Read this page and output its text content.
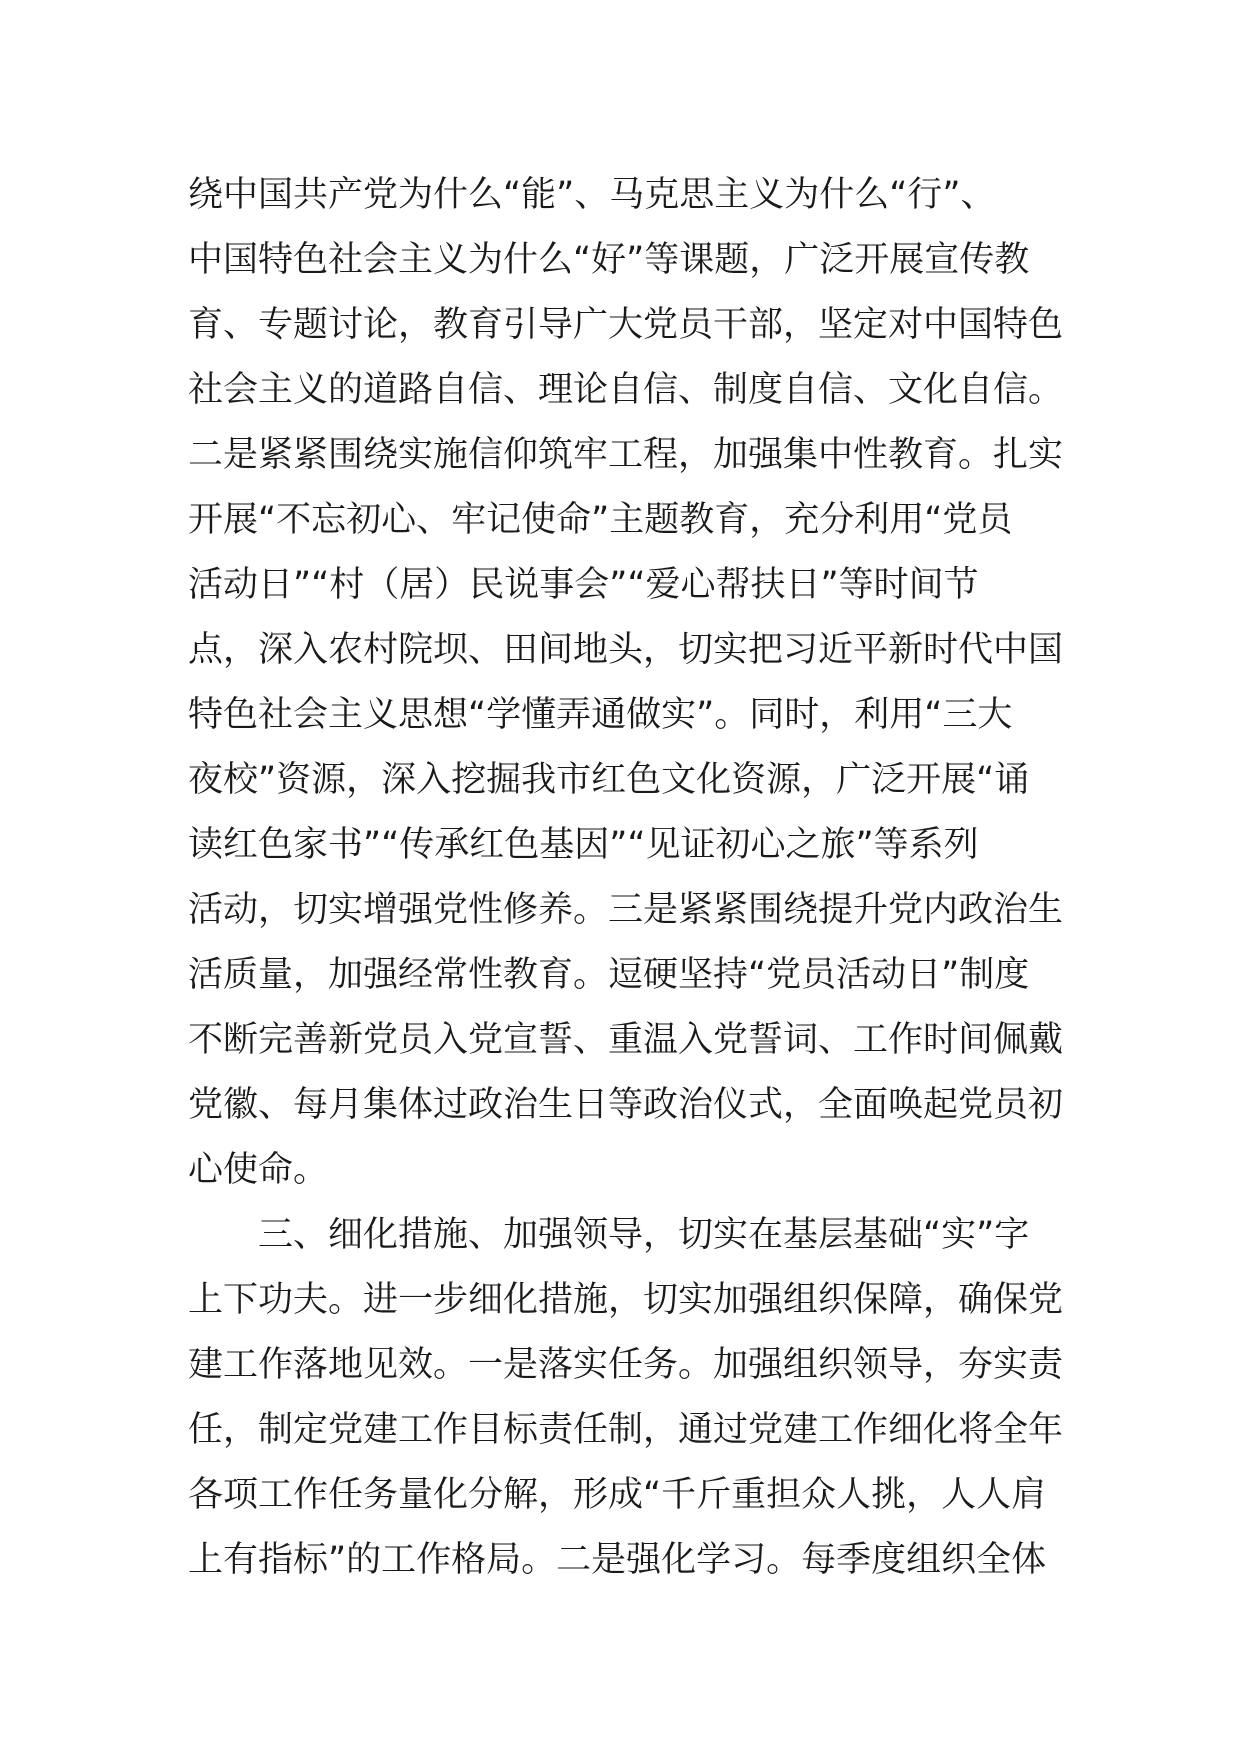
绕中国共产党为什么“能”、马克思主义为什么“行”、
中国特色社会主义为什么“好”等课题，广泛开展宣传教
育、专题讨论，教育引导广大党员干部，坚定对中国特色
社会主义的道路自信、理论自信、制度自信、文化自信。
二是紧紧围绕实施信仰筑牢工程，加强集中性教育。扎实
开展“不忘初心、牢记使命”主题教育，充分利用“党员
活动日”“村（居）民说事会”“爱心帮扶日”等时间节
点，深入农村院坝、田间地头，切实把习近平新时代中国
特色社会主义思想“学懂弄通做实”。同时，利用“三大
夜校”资源，深入挖掘我市红色文化资源，广泛开展“诵
读红色家书”“传承红色基因”“见证初心之旅”等系列
活动，切实增强党性修养。三是紧紧围绕提升党内政治生
活质量，加强经常性教育。逗硬坚持“党员活动日”制度
不断完善新党员入党宣誓、重温入党誓词、工作时间佩戴
党徽、每月集体过政治生日等政治仪式，全面唤起党员初
心使命。
三、细化措施、加强领导，切实在基层基础“实”字
上下功夫。进一步细化措施，切实加强组织保障，确保党
建工作落地见效。一是落实任务。加强组织领导，夯实责
任，制定党建工作目标责任制，通过党建工作细化将全年
各项工作任务量化分解，形成“千斤重担众人挑，人人肩
上有指标”的工作格局。二是强化学习。每季度组织全体
